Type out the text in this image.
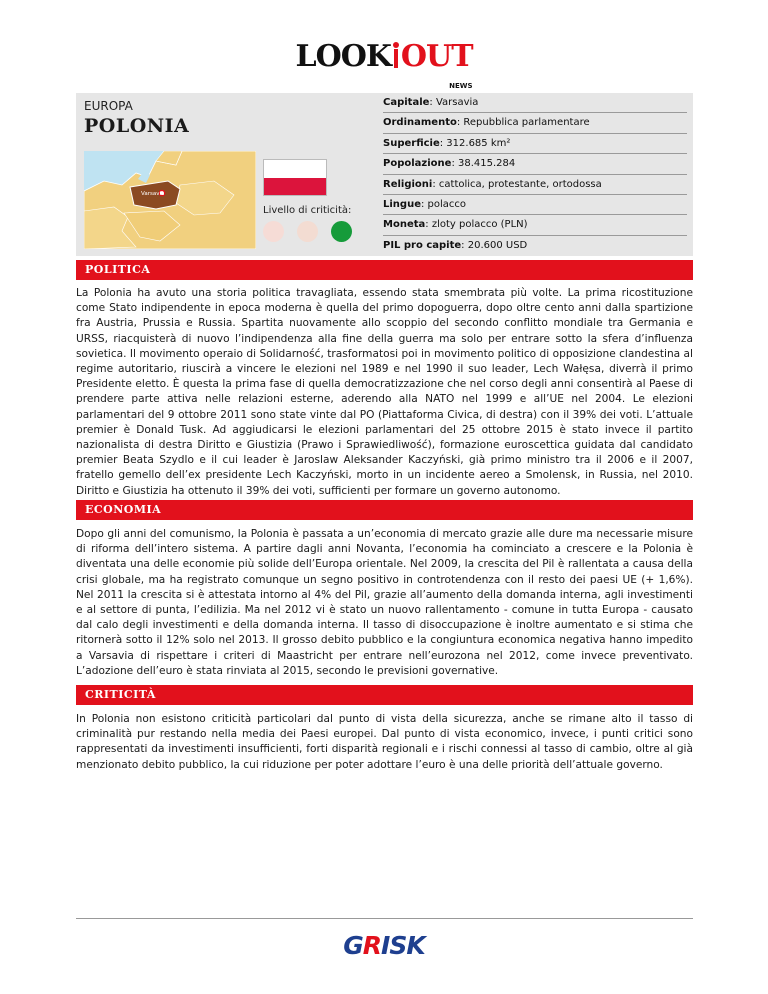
LOOK OUT
NEWS
EUROPA
POLONIA
Varsavia
Livello di criticità:
Capitale: Varsavia
Ordinamento: Repubblica parlamentare
Superficie: 312.685 km²
Popolazione: 38.415.284
Religioni: cattolica, protestante, ortodossa
Lingue: polacco
Moneta: zloty polacco (PLN)
PIL pro capite: 20.600 USD
POLITICA
La Polonia ha avuto una storia politica travagliata, essendo stata smembrata più volte. La prima ricostituzione come Stato indipendente in epoca moderna è quella del primo dopoguerra, dopo oltre cento anni dalla spartizione fra Austria, Prussia e Russia. Spartita nuovamente allo scoppio del secondo conflitto mondiale tra Germania e URSS, riacquisterà di nuovo l’indipendenza alla fine della guerra ma solo per entrare sotto la sfera d’influenza sovietica. Il movimento operaio di Solidarność, trasformatosi poi in movimento politico di opposizione clandestina al regime autoritario, riuscirà a vincere le elezioni nel 1989 e nel 1990 il suo leader, Lech Wałęsa, diverrà il primo Presidente eletto. È questa la prima fase di quella democratizzazione che nel corso degli anni consentirà al Paese di prendere parte attiva nelle relazioni esterne, aderendo alla NATO nel 1999 e all’UE nel 2004. Le elezioni parlamentari del 9 ottobre 2011 sono state vinte dal PO (Piattaforma Civica, di destra) con il 39% dei voti. L’attuale premier è Donald Tusk. Ad aggiudicarsi le elezioni parlamentari del 25 ottobre 2015 è stato invece il partito nazionalista di destra Diritto e Giustizia (Prawo i Sprawiedliwość), formazione euroscettica guidata dal candidato premier Beata Szydlo e il cui leader è Jaroslaw Aleksander Kaczyński, già primo ministro tra il 2006 e il 2007, fratello gemello dell’ex presidente Lech Kaczyński, morto in un incidente aereo a Smolensk, in Russia, nel 2010. Diritto e Giustizia ha ottenuto il 39% dei voti, sufficienti per formare un governo autonomo.
ECONOMIA
Dopo gli anni del comunismo, la Polonia è passata a un’economia di mercato grazie alle dure ma necessarie misure di riforma dell’intero sistema. A partire dagli anni Novanta, l’economia ha cominciato a crescere e la Polonia è diventata una delle economie più solide dell’Europa orientale. Nel 2009, la crescita del Pil è rallentata a causa della crisi globale, ma ha registrato comunque un segno positivo in controtendenza con il resto dei paesi UE (+ 1,6%). Nel 2011 la crescita si è attestata intorno al 4% del Pil, grazie all’aumento della domanda interna, agli investimenti e al settore di punta, l’edilizia. Ma nel 2012 vi è stato un nuovo rallentamento - comune in tutta Europa - causato dal calo degli investimenti e della domanda interna. Il tasso di disoccupazione è inoltre aumentato e si stima che ritornerà sotto il 12% solo nel 2013. Il grosso debito pubblico e la congiuntura economica negativa hanno impedito a Varsavia di rispettare i criteri di Maastricht per entrare nell’eurozona nel 2012, come invece preventivato. L’adozione dell’euro è stata rinviata al 2015, secondo le previsioni governative.
CRITICITÀ
In Polonia non esistono criticità particolari dal punto di vista della sicurezza, anche se rimane alto il tasso di criminalità pur restando nella media dei Paesi europei. Dal punto di vista economico, invece, i punti critici sono rappresentati da investimenti insufficienti, forti disparità regionali e i rischi connessi al tasso di cambio, oltre al già menzionato debito pubblico, la cui riduzione per poter adottare l’euro è una delle priorità dell’attuale governo.
GRISK
